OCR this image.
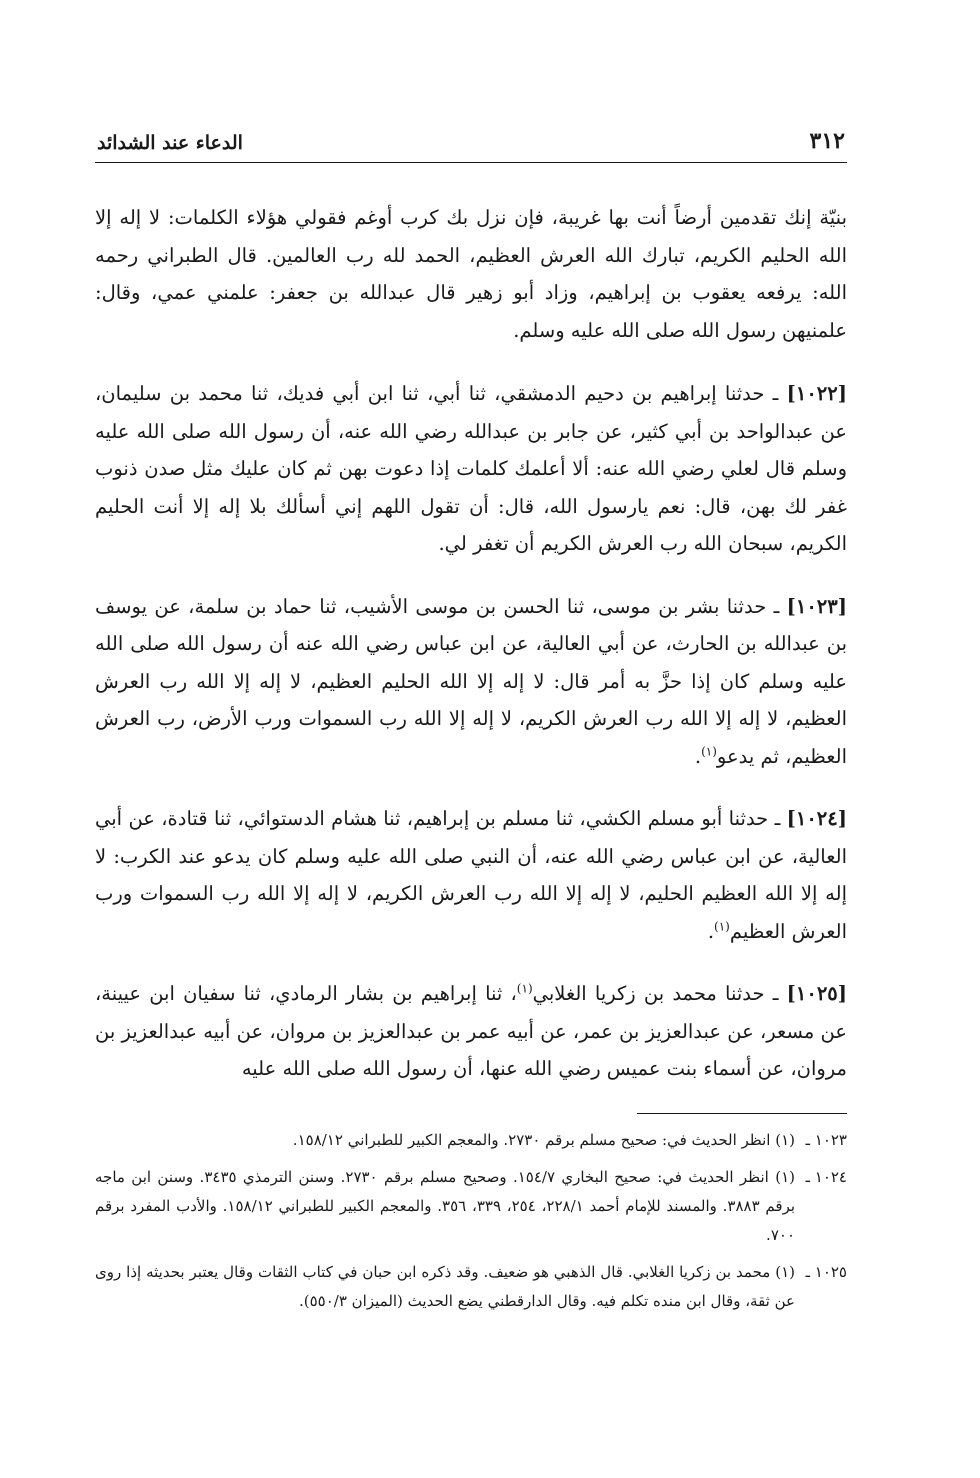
٣١٢
الدعاء عند الشدائد

بنيّة إنك تقدمين أرضاً أنت بها غريبة، فإن نزل بك كرب أوغم فقولي هؤلاء الكلمات: لا إله إلا الله الحليم الكريم، تبارك الله العرش العظيم، الحمد لله رب العالمين. قال الطبراني رحمه الله: يرفعه يعقوب بن إبراهيم، وزاد أبو زهير قال عبدالله بن جعفر: علمني عمي، وقال: علمنيهن رسول الله صلى الله عليه وسلم.

[١٠٢٢] ـ حدثنا إبراهيم بن دحيم الدمشقي، ثنا أبي، ثنا ابن أبي فديك، ثنا محمد بن سليمان، عن عبدالواحد بن أبي كثير، عن جابر بن عبدالله رضي الله عنه، أن رسول الله صلى الله عليه وسلم قال لعلي رضي الله عنه: ألا أعلمك كلمات إذا دعوت بهن ثم كان عليك مثل صدن ذنوب غفر لك بهن، قال: نعم يارسول الله، قال: أن تقول اللهم إني أسألك بلا إله إلا أنت الحليم الكريم، سبحان الله رب العرش الكريم أن تغفر لي.

[١٠٢٣] ـ حدثنا بشر بن موسى، ثنا الحسن بن موسى الأشيب، ثنا حماد بن سلمة، عن يوسف بن عبدالله بن الحارث، عن أبي العالية، عن ابن عباس رضي الله عنه أن رسول الله صلى الله عليه وسلم كان إذا حزَّ به أمر قال: لا إله إلا الله الحليم العظيم، لا إله إلا الله رب العرش العظيم، لا إله إلا الله رب العرش الكريم، لا إله إلا الله رب السموات ورب الأرض، رب العرش العظيم، ثم يدعو$^{(١)}$.

[١٠٢٤] ـ حدثنا أبو مسلم الكشي، ثنا مسلم بن إبراهيم، ثنا هشام الدستوائي، ثنا قتادة، عن أبي العالية، عن ابن عباس رضي الله عنه، أن النبي صلى الله عليه وسلم كان يدعو عند الكرب: لا إله إلا الله العظيم الحليم، لا إله إلا الله رب العرش الكريم، لا إله إلا الله رب السموات ورب العرش العظيم$^{(١)}$.

[١٠٢٥] ـ حدثنا محمد بن زكريا الغلابي$^{(١)}$، ثنا إبراهيم بن بشار الرمادي، ثنا سفيان ابن عيينة، عن مسعر، عن عبدالعزيز بن عمر، عن أبيه عمر بن عبدالعزيز بن مروان، عن أبيه عبدالعزيز بن مروان، عن أسماء بنت عميس رضي الله عنها، أن رسول الله صلى الله عليه

١٠٢٣ ـ
(١) انظر الحديث في: صحيح مسلم برقم ٢٧٣٠. والمعجم الكبير للطبراني ١٥٨/١٢.
١٠٢٤ ـ
(١) انظر الحديث في: صحيح البخاري ١٥٤/٧. وصحيح مسلم برقم ٢٧٣٠. وسنن الترمذي ٣٤٣٥. وسنن ابن ماجه برقم ٣٨٨٣. والمسند للإمام أحمد ٢٢٨/١، ٢٥٤، ٣٣٩، ٣٥٦. والمعجم الكبير للطبراني ١٥٨/١٢. والأدب المفرد برقم ٧٠٠.
١٠٢٥ ـ
(١) محمد بن زكريا الغلابي. قال الذهبي هو ضعيف. وقد ذكره ابن حبان في كتاب الثقات وقال يعتبر بحديثه إذا روى عن ثقة، وقال ابن منده تكلم فيه. وقال الدارقطني يضع الحديث (الميزان ٥٥٠/٣).
